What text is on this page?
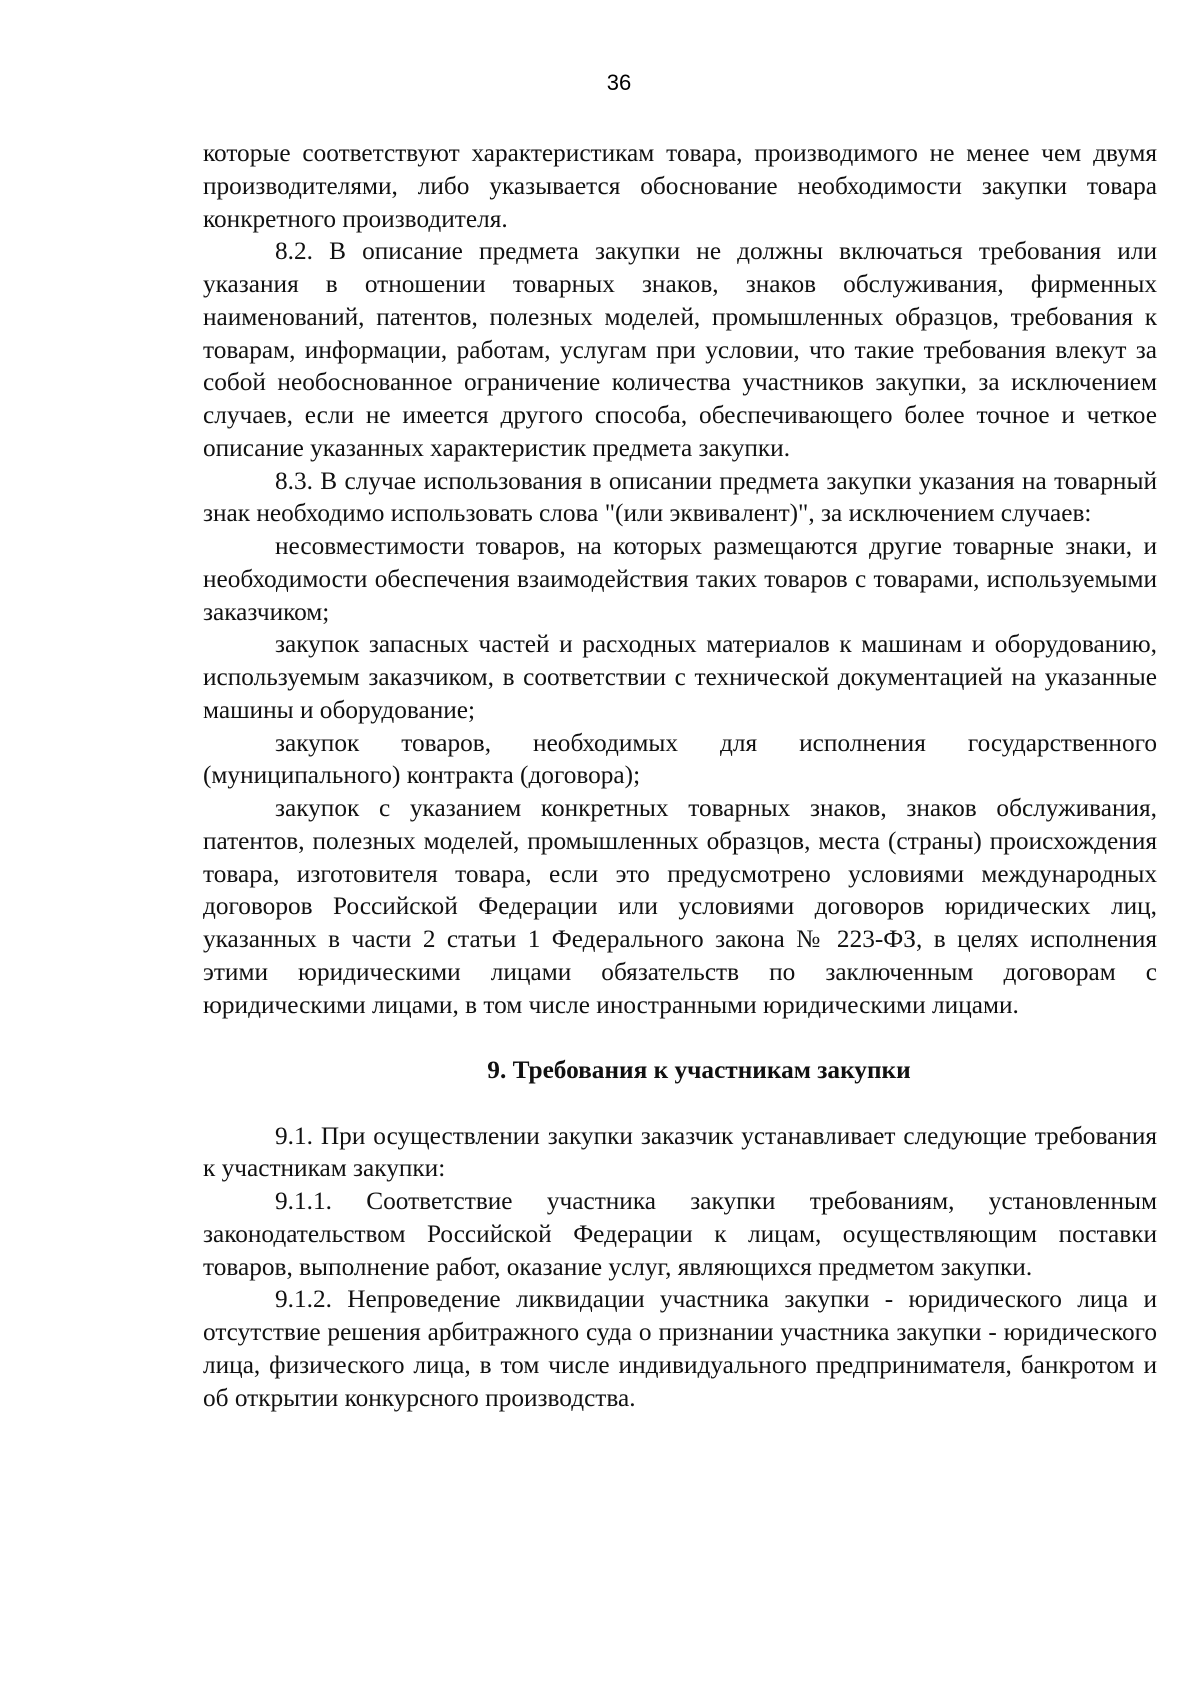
36

которые соответствуют характеристикам товара, производимого не менее чем двумя производителями, либо указывается обоснование необходимости закупки товара конкретного производителя.

8.2. В описание предмета закупки не должны включаться требования или указания в отношении товарных знаков, знаков обслуживания, фирменных наименований, патентов, полезных моделей, промышленных образцов, требования к товарам, информации, работам, услугам при условии, что такие требования влекут за собой необоснованное ограничение количества участников закупки, за исключением случаев, если не имеется другого способа, обеспечивающего более точное и четкое описание указанных характеристик предмета закупки.

8.3. В случае использования в описании предмета закупки указания на товарный знак необходимо использовать слова "(или эквивалент)", за исключением случаев:

несовместимости товаров, на которых размещаются другие товарные знаки, и необходимости обеспечения взаимодействия таких товаров с товарами, используемыми заказчиком;

закупок запасных частей и расходных материалов к машинам и оборудованию, используемым заказчиком, в соответствии с технической документацией на указанные машины и оборудование;

закупок товаров, необходимых для исполнения государственного (муниципального) контракта (договора);

закупок с указанием конкретных товарных знаков, знаков обслуживания, патентов, полезных моделей, промышленных образцов, места (страны) происхождения товара, изготовителя товара, если это предусмотрено условиями международных договоров Российской Федерации или условиями договоров юридических лиц, указанных в части 2 статьи 1 Федерального закона № 223-ФЗ, в целях исполнения этими юридическими лицами обязательств по заключенным договорам с юридическими лицами, в том числе иностранными юридическими лицами.

9. Требования к участникам закупки

9.1. При осуществлении закупки заказчик устанавливает следующие требования к участникам закупки:

9.1.1. Соответствие участника закупки требованиям, установленным законодательством Российской Федерации к лицам, осуществляющим поставки товаров, выполнение работ, оказание услуг, являющихся предметом закупки.

9.1.2. Непроведение ликвидации участника закупки - юридического лица и отсутствие решения арбитражного суда о признании участника закупки - юридического лица, физического лица, в том числе индивидуального предпринимателя, банкротом и об открытии конкурсного производства.
